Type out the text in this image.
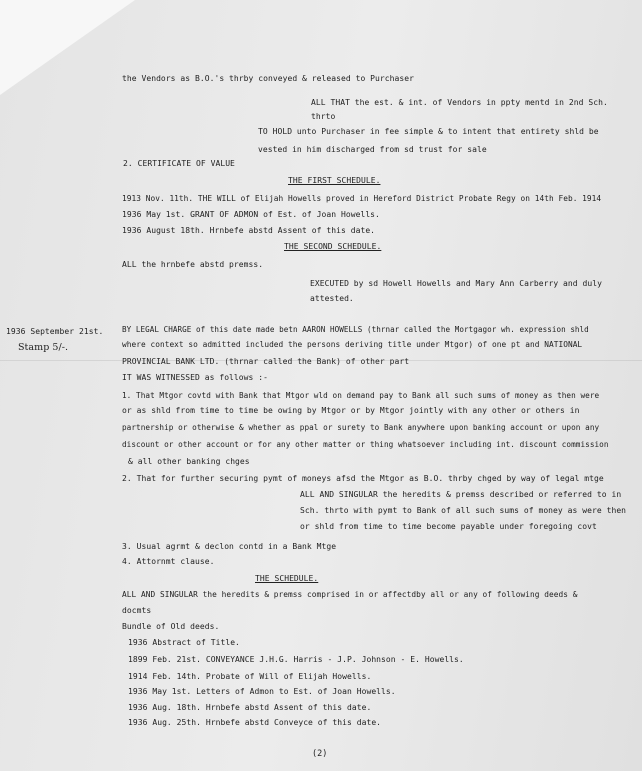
the Vendors as B.O.'s thrby conveyed & released to Purchaser
ALL THAT the est. & int. of Vendors in ppty mentd in 2nd Sch.
thrto
TO HOLD unto Purchaser in fee simple & to intent that entirety shld be
vested in him discharged from sd trust for sale
2. CERTIFICATE OF VALUE
THE FIRST SCHEDULE.
1913 Nov. 11th. THE WILL of Elijah Howells proved in Hereford District Probate Regy on 14th Feb. 1914
1936 May 1st. GRANT OF ADMON of Est. of Joan Howells.
1936 August 18th. Hrnbefe abstd Assent of this date.
THE SECOND SCHEDULE.
ALL the hrnbefe abstd premss.
EXECUTED by sd Howell Howells and Mary Ann Carberry and duly
attested.
1936 September 21st. BY LEGAL CHARGE of this date made betn AARON HOWELLS (thrnar called the Mortgagor wh. expression shld
Stamp 5/-.	where context so admitted included the persons deriving title under Mtgor) of one pt and NATIONAL
PROVINCIAL BANK LTD. (thrnar called the Bank) of other part
IT WAS WITNESSED as follows :-
1. That Mtgor covtd with Bank that Mtgor wld on demand pay to Bank all such sums of money as then were
or as shld from time to time be owing by Mtgor or by Mtgor jointly with any other or others in
partnership or otherwise & whether as ppal or surety to Bank anywhere upon banking account or upon any
discount or other account or for any other matter or thing whatsoever including int. discount commission
& all other banking chges
2. That for further securing pymt of moneys afsd the Mtgor as B.O. thrby chged by way of legal mtge
ALL AND SINGULAR the heredits & premss described or referred to in
Sch. thrto with pymt to Bank of all such sums of money as were then
or shld from time to time become payable under foregoing covt
3. Usual agrmt & declon contd in a Bank Mtge
4. Attornmt clause.
THE SCHEDULE.
ALL AND SINGULAR the heredits & premss comprised in or affectdby all or any of following deeds &
docmts
Bundle of Old deeds.
1936 Abstract of Title.
1899 Feb. 21st. CONVEYANCE J.H.G. Harris - J.P. Johnson - E. Howells.
1914 Feb. 14th. Probate of Will of Elijah Howells.
1936 May 1st. Letters of Admon to Est. of Joan Howells.
1936 Aug. 18th. Hrnbefe abstd Assent of this date.
1936 Aug. 25th. Hrnbefe abstd Conveyce of this date.
(2)
